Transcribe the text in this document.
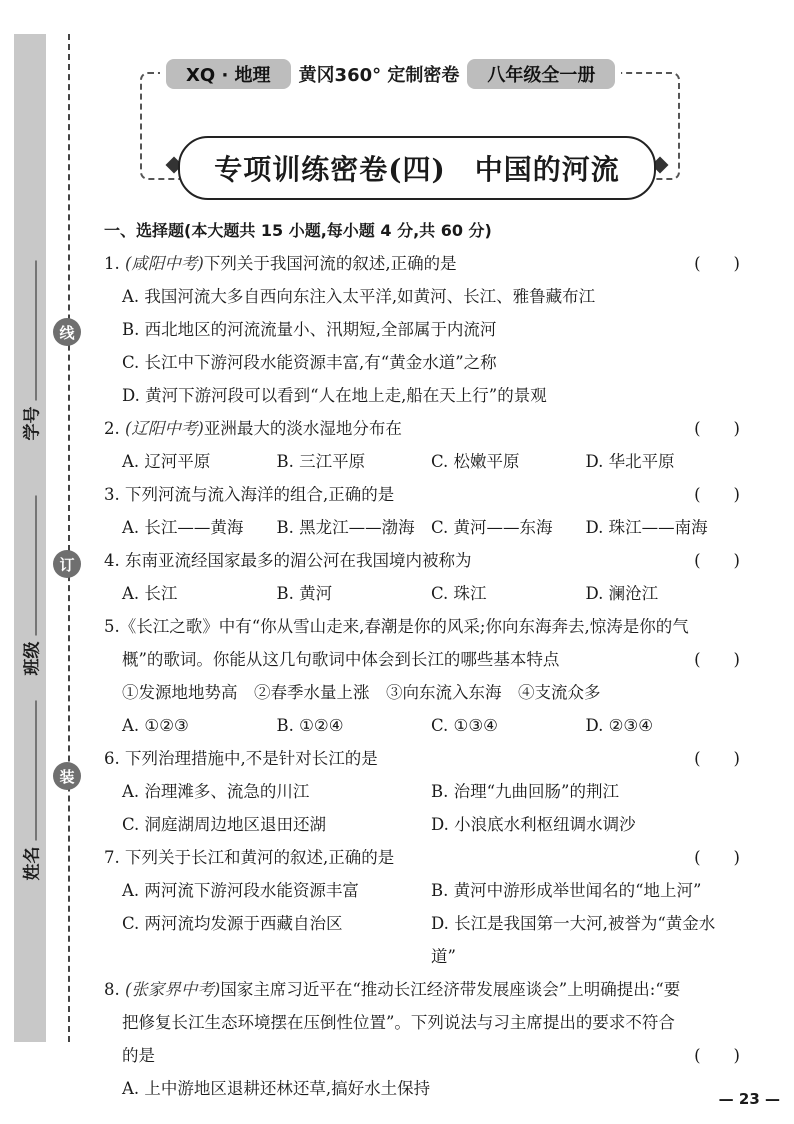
学号
班级
姓名
线
订
装
XQ · 地理	黄冈360° 定制密卷	八年级全一册
专项训练密卷(四)　中国的河流
一、选择题(本大题共 15 小题,每小题 4 分,共 60 分)
1. (咸阳中考)下列关于我国河流的叙述,正确的是	(　　)
A. 我国河流大多自西向东注入太平洋,如黄河、长江、雅鲁藏布江
B. 西北地区的河流流量小、汛期短,全部属于内流河
C. 长江中下游河段水能资源丰富,有“黄金水道”之称
D. 黄河下游河段可以看到“人在地上走,船在天上行”的景观
2. (辽阳中考)亚洲最大的淡水湿地分布在	(　　)
A. 辽河平原	B. 三江平原	C. 松嫩平原	D. 华北平原
3. 下列河流与流入海洋的组合,正确的是	(　　)
A. 长江——黄海	B. 黑龙江——渤海 C. 黄河——东海	D. 珠江——南海
4. 东南亚流经国家最多的湄公河在我国境内被称为	(　　)
A. 长江	B. 黄河	C. 珠江	D. 澜沧江
5.《长江之歌》中有“你从雪山走来,春潮是你的风采;你向东海奔去,惊涛是你的气
概”的歌词。你能从这几句歌词中体会到长江的哪些基本特点	(　　)
①发源地地势高　②春季水量上涨　③向东流入东海　④支流众多
A. ①②③	B. ①②④	C. ①③④	D. ②③④
6. 下列治理措施中,不是针对长江的是	(　　)
A. 治理滩多、流急的川江	B. 治理“九曲回肠”的荆江
C. 洞庭湖周边地区退田还湖	D. 小浪底水利枢纽调水调沙
7. 下列关于长江和黄河的叙述,正确的是	(　　)
A. 两河流下游河段水能资源丰富	B. 黄河中游形成举世闻名的“地上河”
C. 两河流均发源于西藏自治区	D. 长江是我国第一大河,被誉为“黄金水道”
8. (张家界中考)国家主席习近平在“推动长江经济带发展座谈会”上明确提出:“要
把修复长江生态环境摆在压倒性位置”。下列说法与习主席提出的要求不符合
的是	(　　)
A. 上中游地区退耕还林还草,搞好水土保持
— 23 —
